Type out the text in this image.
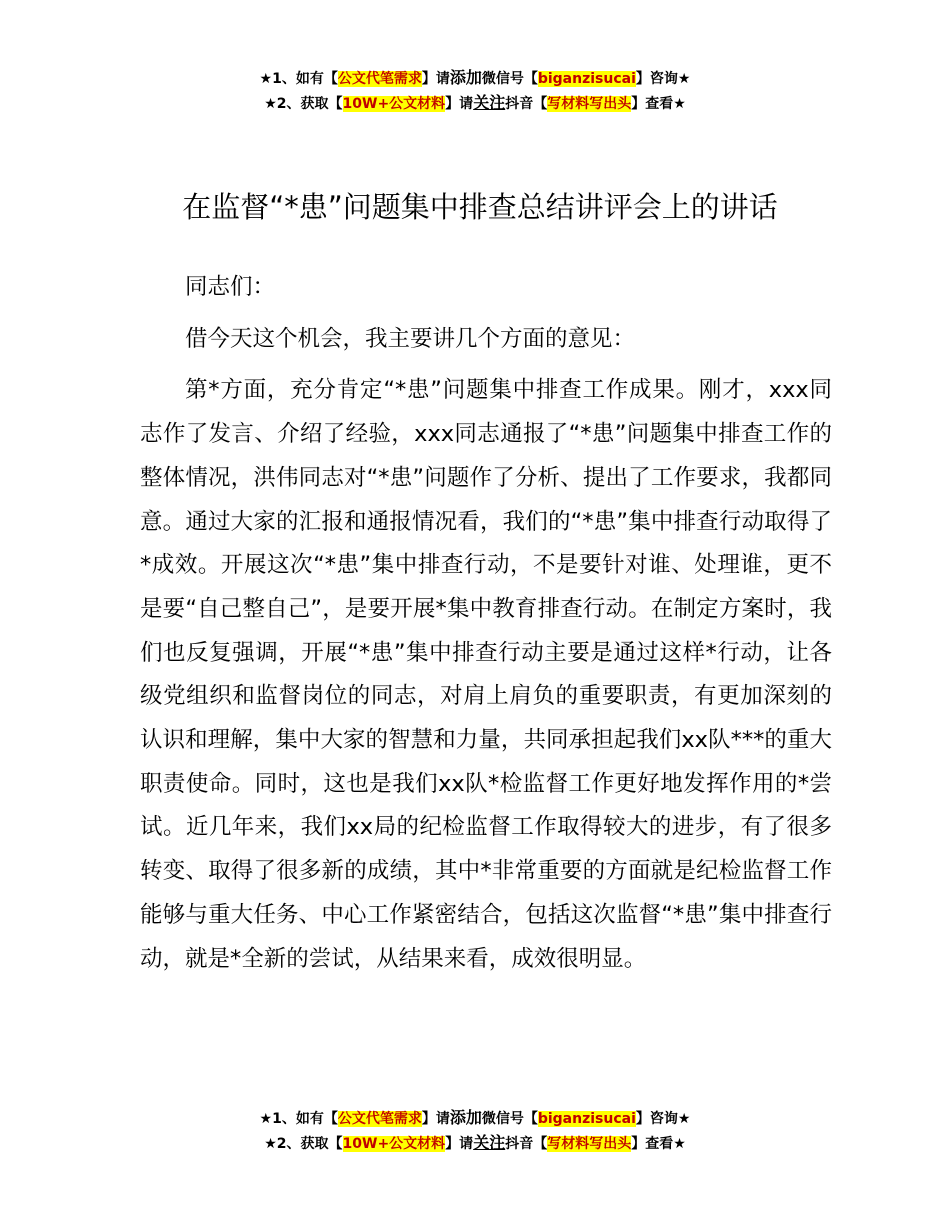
★1、如有【公文代笔需求】请添加微信号【biganzisucai】咨询★
★2、获取【10W+公文材料】请关注抖音【写材料写出头】查看★
在监督“*患”问题集中排查总结讲评会上的讲话

同志们：

借今天这个机会，我主要讲几个方面的意见：

第*方面，充分肯定“*患”问题集中排查工作成果。刚才，xxx同志作了发言、介绍了经验，xxx同志通报了“*患”问题集中排查工作的整体情况，洪伟同志对“*患”问题作了分析、提出了工作要求，我都同意。通过大家的汇报和通报情况看，我们的“*患”集中排查行动取得了*成效。开展这次“*患”集中排查行动，不是要针对谁、处理谁，更不是要“自己整自己”，是要开展*集中教育排查行动。在制定方案时，我们也反复强调，开展“*患”集中排查行动主要是通过这样*行动，让各级党组织和监督岗位的同志，对肩上肩负的重要职责，有更加深刻的认识和理解，集中大家的智慧和力量，共同承担起我们xx队***的重大职责使命。同时，这也是我们xx队*检监督工作更好地发挥作用的*尝试。近几年来，我们xx局的纪检监督工作取得较大的进步，有了很多转变、取得了很多新的成绩，其中*非常重要的方面就是纪检监督工作能够与重大任务、中心工作紧密结合，包括这次监督“*患”集中排查行动，就是*全新的尝试，从结果来看，成效很明显。

★1、如有【公文代笔需求】请添加微信号【biganzisucai】咨询★
★2、获取【10W+公文材料】请关注抖音【写材料写出头】查看★
